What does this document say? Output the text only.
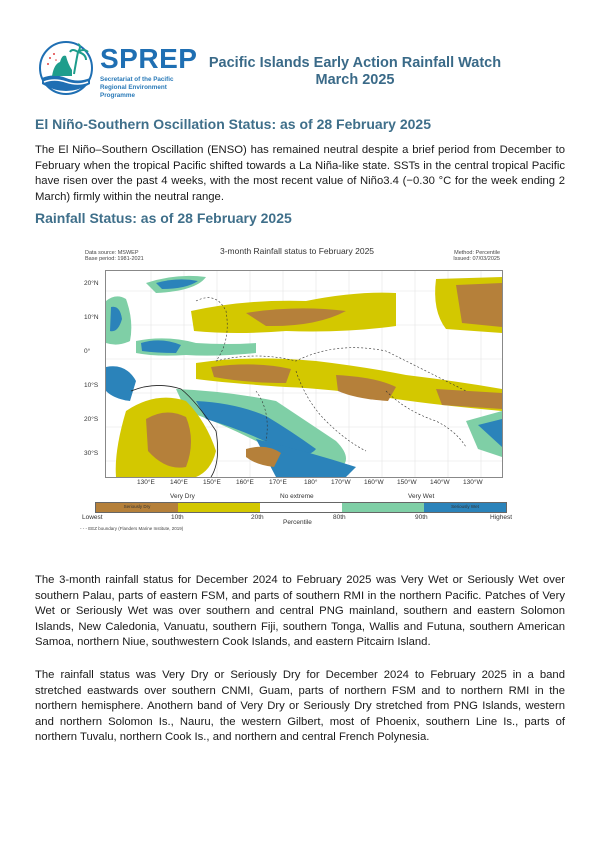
SPREP
Secretariat of the Pacific Regional Environment Programme
Pacific Islands Early Action Rainfall Watch
March 2025
El Niño-Southern Oscillation Status: as of 28 February 2025
The El Niño–Southern Oscillation (ENSO) has remained neutral despite a brief period from December to February when the tropical Pacific shifted towards a La Niña-like state. SSTs in the central tropical Pacific have risen over the past 4 weeks, with the most recent value of Niño3.4 (−0.30 °C for the week ending 2 March) firmly within the neutral range.
Rainfall Status: as of 28 February 2025
Data source: MSWEP
Base period: 1981-2021
3-month Rainfall status to February 2025	Method: Percentile
Issued: 07/03/2025
20°N
10°N
0°
10°S
20°S
30°S
130°E 140°E 150°E 160°E 170°E	180° 170°W 160°W 150°W 140°W 130°W
Very Dry	No extreme	Very Wet
Seriously Dry	Seriously Wet
Lowest	10th	20th	80th	90th	Highest
Percentile
- - - EEZ boundary (Flanders Marine Institute, 2019)
The 3-month rainfall status for December 2024 to February 2025 was Very Wet or Seriously Wet over southern Palau, parts of eastern FSM, and parts of southern RMI in the northern Pacific. Patches of Very Wet or Seriously Wet was over southern and central PNG mainland, southern and eastern Solomon Islands, New Caledonia, Vanuatu, southern Fiji, southern Tonga, Wallis and Futuna, southern American Samoa, northern Niue, southwestern Cook Islands, and eastern Pitcairn Island.
The rainfall status was Very Dry or Seriously Dry for December 2024 to February 2025 in a band stretched eastwards over southern CNMI, Guam, parts of northern FSM and to northern RMI in the northern hemisphere. Anothern band of Very Dry or Seriously Dry stretched from PNG Islands, western and northern Solomon Is., Nauru, the western Gilbert, most of Phoenix, southern Line Is., parts of northern Tuvalu, northern Cook Is., and northern and central French Polynesia.
